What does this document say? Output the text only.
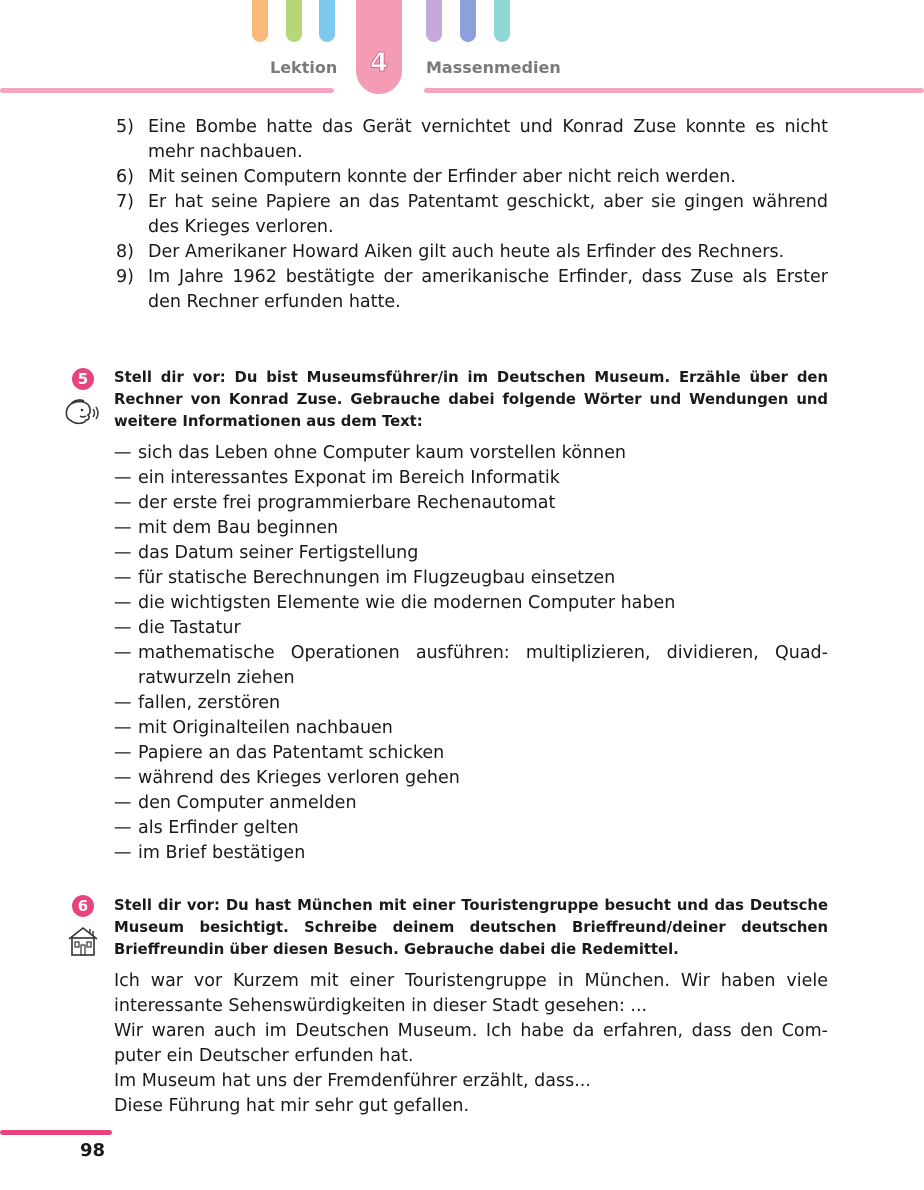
4
Lektion	Massenmedien
5) Eine Bombe hatte das Gerät vernichtet und Konrad Zuse konnte es nicht mehr nachbauen.
6) Mit seinen Computern konnte der Erfinder aber nicht reich werden.
7) Er hat seine Papiere an das Patentamt geschickt, aber sie gingen während des Krieges verloren.
8) Der Amerikaner Howard Aiken gilt auch heute als Erfinder des Rechners.
9) Im Jahre 1962 bestätigte der amerikanische Erfinder, dass Zuse als Erster den Rechner erfunden hatte.
5	Stell dir vor: Du bist Museumsführer/in im Deutschen Museum. Erzähle über den Rechner von Konrad Zuse. Gebrauche dabei folgende Wörter und Wendungen und weitere Informationen aus dem Text:
— sich das Leben ohne Computer kaum vorstellen können
— ein interessantes Exponat im Bereich Informatik
— der erste frei programmierbare Rechenautomat
— mit dem Bau beginnen
— das Datum seiner Fertigstellung
— für statische Berechnungen im Flugzeugbau einsetzen
— die wichtigsten Elemente wie die modernen Computer haben
— die Tastatur
— mathematische Operationen ausführen: multiplizieren, dividieren, Quadratwurzeln ziehen
— fallen, zerstören
— mit Originalteilen nachbauen
— Papiere an das Patentamt schicken
— während des Krieges verloren gehen
— den Computer anmelden
— als Erfinder gelten
— im Brief bestätigen
6	Stell dir vor: Du hast München mit einer Touristengruppe besucht und das Deutsche Museum besichtigt. Schreibe deinem deutschen Brieffreund/deiner deutschen Brieffreundin über diesen Besuch. Gebrauche dabei die Redemittel.

Ich war vor Kurzem mit einer Touristengruppe in München. Wir haben viele interessante Sehenswürdigkeiten in dieser Stadt gesehen: ...

Wir waren auch im Deutschen Museum. Ich habe da erfahren, dass den Computer ein Deutscher erfunden hat.

Im Museum hat uns der Fremdenführer erzählt, dass...

Diese Führung hat mir sehr gut gefallen.

98
